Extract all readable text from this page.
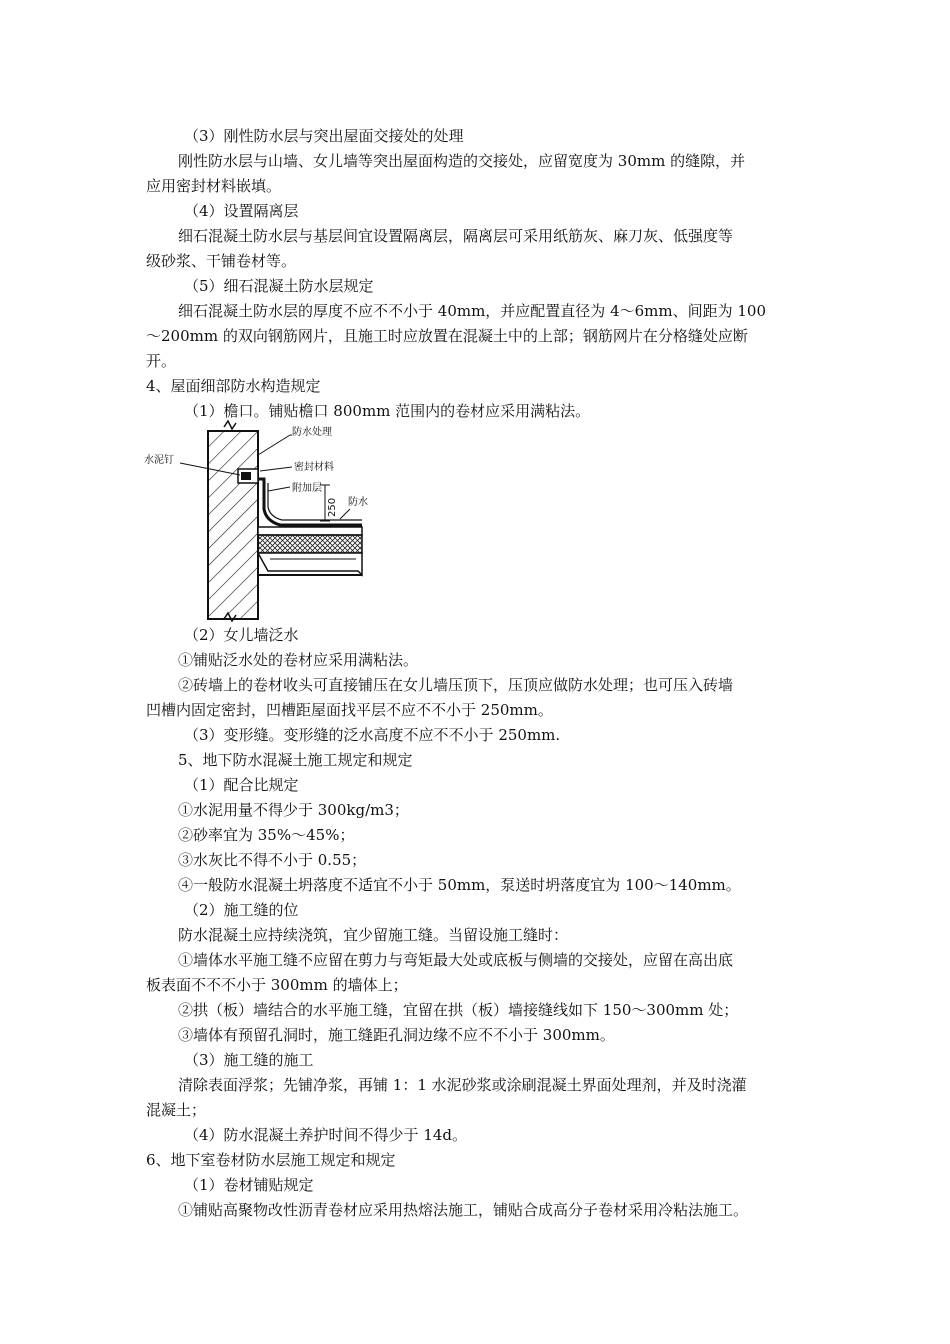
（3）刚性防水层与突出屋面交接处的处理
刚性防水层与山墙、女儿墙等突出屋面构造的交接处，应留宽度为 30mm 的缝隙，并
应用密封材料嵌填。
（4）设置隔离层
细石混凝土防水层与基层间宜设置隔离层，隔离层可采用纸筋灰、麻刀灰、低强度等
级砂浆、干铺卷材等。
（5）细石混凝土防水层规定
细石混凝土防水层的厚度不应不不小于 40mm，并应配置直径为 4～6mm、间距为 100
～200mm 的双向钢筋网片，且施工时应放置在混凝土中的上部；钢筋网片在分格缝处应断
开。
4、屋面细部防水构造规定
（1）檐口。铺贴檐口 800mm 范围内的卷材应采用满粘法。
250
防水处理
水泥钉
密封材料
附加层
防水
（2）女儿墙泛水
①铺贴泛水处的卷材应采用满粘法。
②砖墙上的卷材收头可直接铺压在女儿墙压顶下，压顶应做防水处理；也可压入砖墙
凹槽内固定密封，凹槽距屋面找平层不应不不小于 250mm。
（3）变形缝。变形缝的泛水高度不应不不小于 250mm.
5、地下防水混凝土施工规定和规定
（1）配合比规定
①水泥用量不得少于 300kg/m3；
②砂率宜为 35%～45%；
③水灰比不得不小于 0.55；
④一般防水混凝土坍落度不适宜不小于 50mm，泵送时坍落度宜为 100～140mm。
（2）施工缝的位
防水混凝土应持续浇筑，宜少留施工缝。当留设施工缝时：
①墙体水平施工缝不应留在剪力与弯矩最大处或底板与侧墙的交接处，应留在高出底
板表面不不不小于 300mm 的墙体上；
②拱（板）墙结合的水平施工缝，宜留在拱（板）墙接缝线如下 150～300mm 处；
③墙体有预留孔洞时，施工缝距孔洞边缘不应不不小于 300mm。
（3）施工缝的施工
清除表面浮浆；先铺净浆，再铺 1：1 水泥砂浆或涂刷混凝土界面处理剂，并及时浇灌
混凝土；
（4）防水混凝土养护时间不得少于 14d。
6、地下室卷材防水层施工规定和规定
（1）卷材铺贴规定
①铺贴高聚物改性沥青卷材应采用热熔法施工，铺贴合成高分子卷材采用冷粘法施工。
